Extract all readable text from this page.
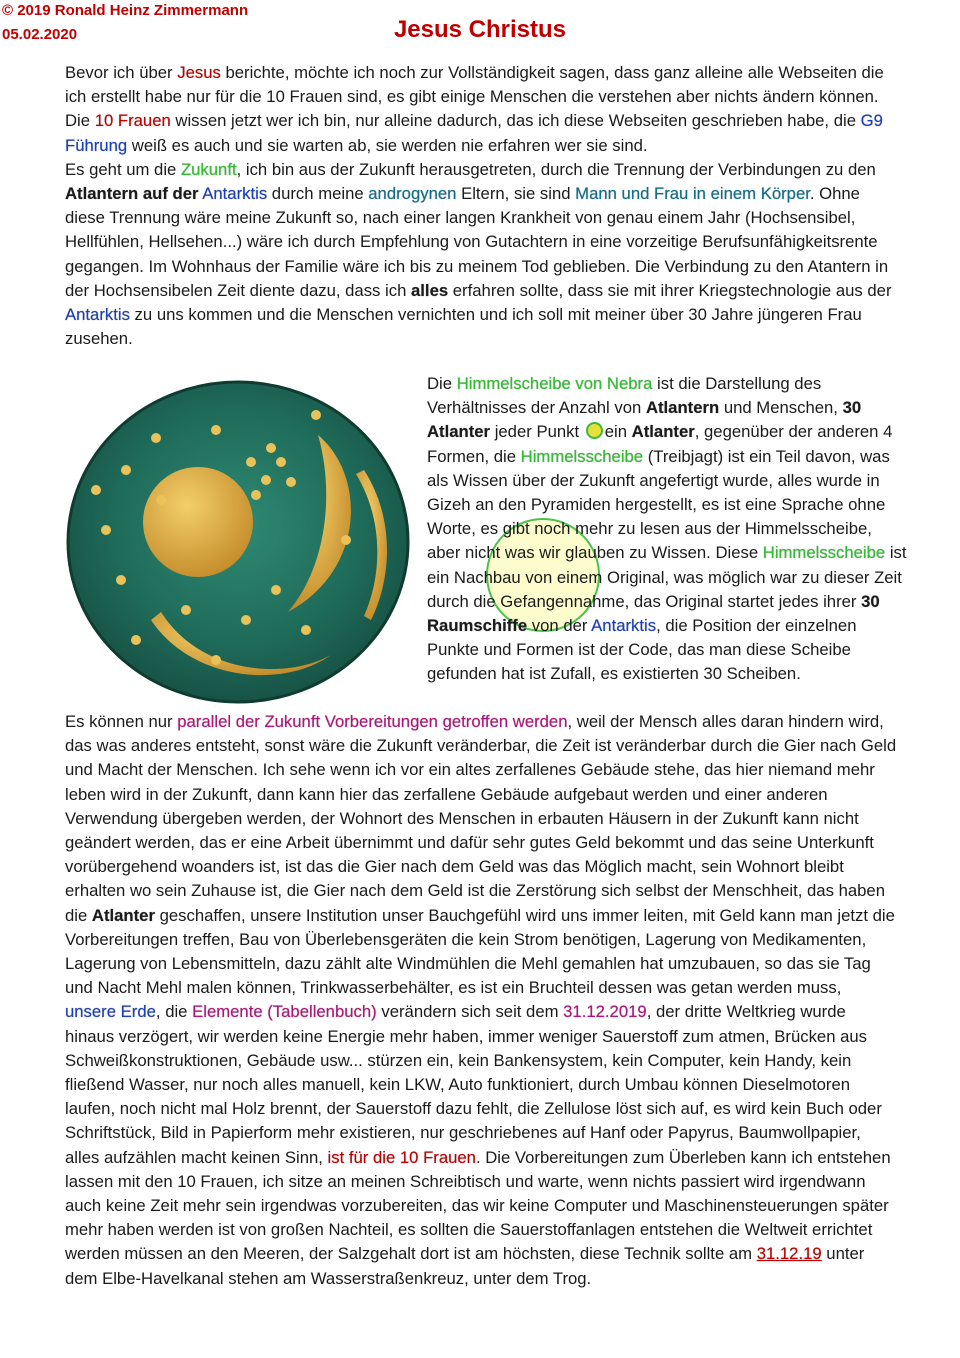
© 2019 Ronald Heinz Zimmermann
05.02.2020	Jesus Christus
Bevor ich über Jesus berichte, möchte ich noch zur Vollständigkeit sagen, dass ganz alleine alle Webseiten die ich erstellt habe nur für die 10 Frauen sind, es gibt einige Menschen die verstehen aber nichts ändern können.
Die 10 Frauen wissen jetzt wer ich bin, nur alleine dadurch, das ich diese Webseiten geschrieben habe, die G9 Führung weiß es auch und sie warten ab, sie werden nie erfahren wer sie sind.
Es geht um die Zukunft, ich bin aus der Zukunft herausgetreten, durch die Trennung der Verbindungen zu den Atlantern auf der Antarktis durch meine androgynen Eltern, sie sind Mann und Frau in einem Körper. Ohne diese Trennung wäre meine Zukunft so, nach einer langen Krankheit von genau einem Jahr (Hochsensibel, Hellfühlen, Hellsehen...) wäre ich durch Empfehlung von Gutachtern in eine vorzeitige Berufsunfähigkeitsrente gegangen. Im Wohnhaus der Familie wäre ich bis zu meinem Tod geblieben. Die Verbindung zu den Atantern in der Hochsensibelen Zeit diente dazu, dass ich alles erfahren sollte, dass sie mit ihrer Kriegstechnologie aus der Antarktis zu uns kommen und die Menschen vernichten und ich soll mit meiner über 30 Jahre jüngeren Frau zusehen.
Die Himmelscheibe von Nebra ist die Darstellung des Verhältnisses der Anzahl von Atlantern und Menschen, 30 Atlanter jeder Punkt ein Atlanter, gegenüber der anderen 4 Formen, die Himmelsscheibe (Treibjagt) ist ein Teil davon, was als Wissen über der Zukunft angefertigt wurde, alles wurde in Gizeh an den Pyramiden hergestellt, es ist eine Sprache ohne Worte, es gibt noch mehr zu lesen aus der Himmelsscheibe, aber nicht was wir glauben zu Wissen. Diese Himmelsscheibe ist ein Nachbau von einem Original, was möglich war zu dieser Zeit durch die Gefangennahme, das Original startet jedes ihrer 30 Raumschiffe von der Antarktis, die Position der einzelnen Punkte und Formen ist der Code, das man diese Scheibe gefunden hat ist Zufall, es existierten 30 Scheiben.
Es können nur parallel der Zukunft Vorbereitungen getroffen werden, weil der Mensch alles daran hindern wird, das was anderes entsteht, sonst wäre die Zukunft veränderbar, die Zeit ist veränderbar durch die Gier nach Geld und Macht der Menschen. Ich sehe wenn ich vor ein altes zerfallenes Gebäude stehe, das hier niemand mehr leben wird in der Zukunft, dann kann hier das zerfallene Gebäude aufgebaut werden und einer anderen Verwendung übergeben werden, der Wohnort des Menschen in erbauten Häusern in der Zukunft kann nicht geändert werden, das er eine Arbeit übernimmt und dafür sehr gutes Geld bekommt und das seine Unterkunft vorübergehend woanders ist, ist das die Gier nach dem Geld was das Möglich macht, sein Wohnort bleibt erhalten wo sein Zuhause ist, die Gier nach dem Geld ist die Zerstörung sich selbst der Menschheit, das haben die Atlanter geschaffen, unsere Institution unser Bauchgefühl wird uns immer leiten, mit Geld kann man jetzt die Vorbereitungen treffen, Bau von Überlebensgeräten die kein Strom benötigen, Lagerung von Medikamenten, Lagerung von Lebensmitteln, dazu zählt alte Windmühlen die Mehl gemahlen hat umzubauen, so das sie Tag und Nacht Mehl malen können, Trinkwasserbehälter, es ist ein Bruchteil dessen was getan werden muss, unsere Erde, die Elemente (Tabellenbuch) verändern sich seit dem 31.12.2019, der dritte Weltkrieg wurde hinaus verzögert, wir werden keine Energie mehr haben, immer weniger Sauerstoff zum atmen, Brücken aus Schweißkonstruktionen, Gebäude usw... stürzen ein, kein Bankensystem, kein Computer, kein Handy, kein fließend Wasser, nur noch alles manuell, kein LKW, Auto funktioniert, durch Umbau können Dieselmotoren laufen, noch nicht mal Holz brennt, der Sauerstoff dazu fehlt, die Zellulose löst sich auf, es wird kein Buch oder Schriftstück, Bild in Papierform mehr existieren, nur geschriebenes auf Hanf oder Papyrus, Baumwollpapier, alles aufzählen macht keinen Sinn, ist für die 10 Frauen. Die Vorbereitungen zum Überleben kann ich entstehen lassen mit den 10 Frauen, ich sitze an meinen Schreibtisch und warte, wenn nichts passiert wird irgendwann auch keine Zeit mehr sein irgendwas vorzubereiten, das wir keine Computer und Maschinensteuerungen später mehr haben werden ist von großen Nachteil, es sollten die Sauerstoffanlagen entstehen die Weltweit errichtet werden müssen an den Meeren, der Salzgehalt dort ist am höchsten, diese Technik sollte am 31.12.19 unter dem Elbe-Havelkanal stehen am Wasserstraßenkreuz, unter dem Trog.
